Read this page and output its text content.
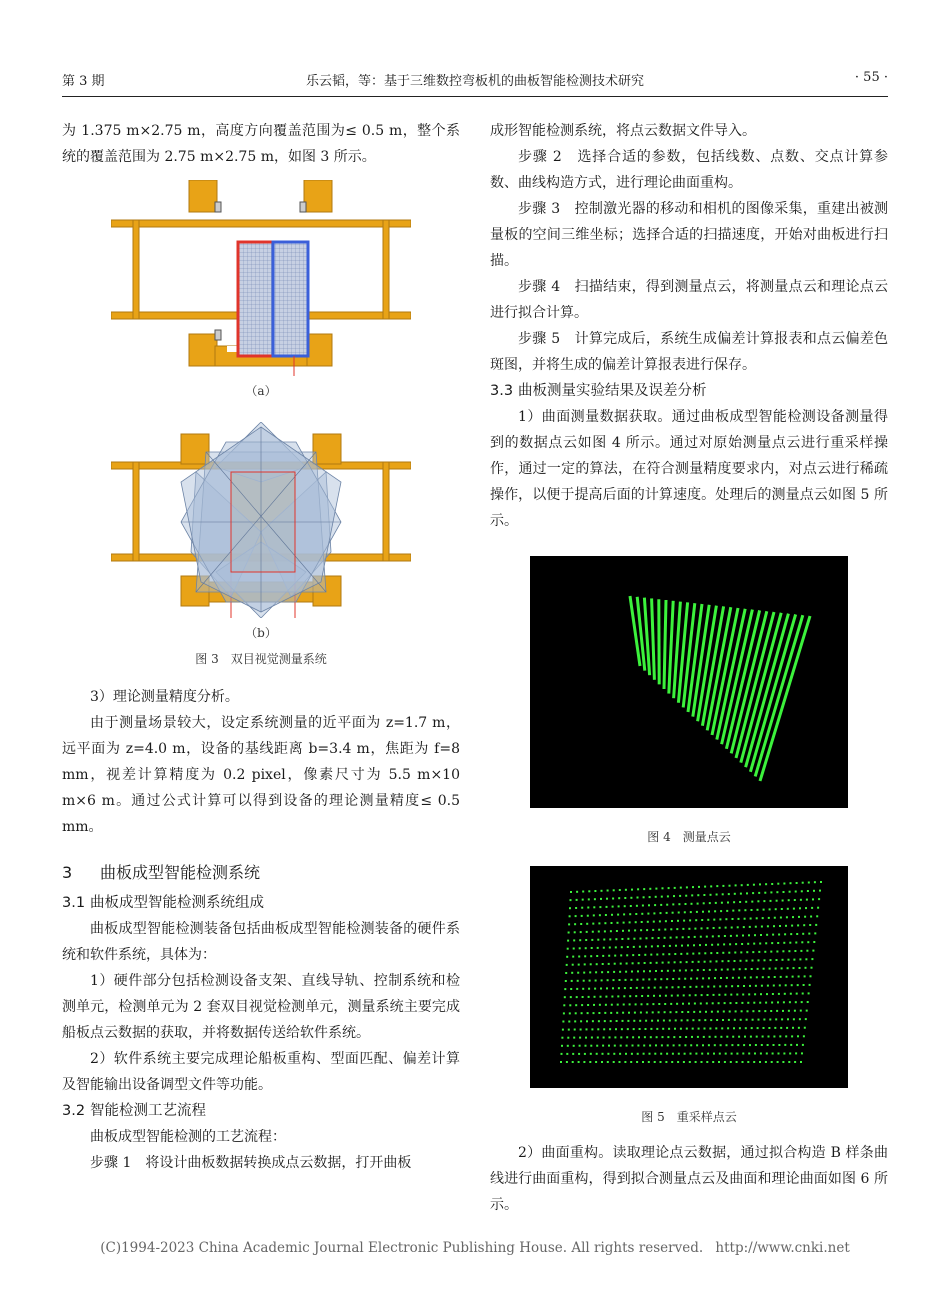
第 3 期	乐云韬，等：基于三维数控弯板机的曲板智能检测技术研究	· 55 ·

为 1.375 m×2.75 m，高度方向覆盖范围为≤ 0.5 m，整个系统的覆盖范围为 2.75 m×2.75 m，如图 3 所示。

（a）
（b）
图 3　双目视觉测量系统

3）理论测量精度分析。

由于测量场景较大，设定系统测量的近平面为 z=1.7 m，远平面为 z=4.0 m，设备的基线距离 b=3.4 m，焦距为 f=8 mm，视差计算精度为 0.2 pixel，像素尺寸为 5.5 m×10 m×6 m。通过公式计算可以得到设备的理论测量精度≤ 0.5 mm。

3 曲板成型智能检测系统

3.1 曲板成型智能检测系统组成

曲板成型智能检测装备包括曲板成型智能检测装备的硬件系统和软件系统，具体为：

1）硬件部分包括检测设备支架、直线导轨、控制系统和检测单元，检测单元为 2 套双目视觉检测单元，测量系统主要完成船板点云数据的获取，并将数据传送给软件系统。

2）软件系统主要完成理论船板重构、型面匹配、偏差计算及智能输出设备调型文件等功能。

3.2 智能检测工艺流程

曲板成型智能检测的工艺流程：

步骤 1　将设计曲板数据转换成点云数据，打开曲板

成形智能检测系统，将点云数据文件导入。

步骤 2　选择合适的参数，包括线数、点数、交点计算参数、曲线构造方式，进行理论曲面重构。

步骤 3　控制激光器的移动和相机的图像采集，重建出被测量板的空间三维坐标；选择合适的扫描速度，开始对曲板进行扫描。

步骤 4　扫描结束，得到测量点云，将测量点云和理论点云进行拟合计算。

步骤 5　计算完成后，系统生成偏差计算报表和点云偏差色斑图，并将生成的偏差计算报表进行保存。

3.3 曲板测量实验结果及误差分析

1）曲面测量数据获取。通过曲板成型智能检测设备测量得到的数据点云如图 4 所示。通过对原始测量点云进行重采样操作，通过一定的算法，在符合测量精度要求内，对点云进行稀疏操作，以便于提高后面的计算速度。处理后的测量点云如图 5 所示。

图 4　测量点云
图 5　重采样点云

2）曲面重构。读取理论点云数据，通过拟合构造 B 样条曲线进行曲面重构，得到拟合测量点云及曲面和理论曲面如图 6 所示。

(C)1994-2023 China Academic Journal Electronic Publishing House. All rights reserved. http://www.cnki.net
